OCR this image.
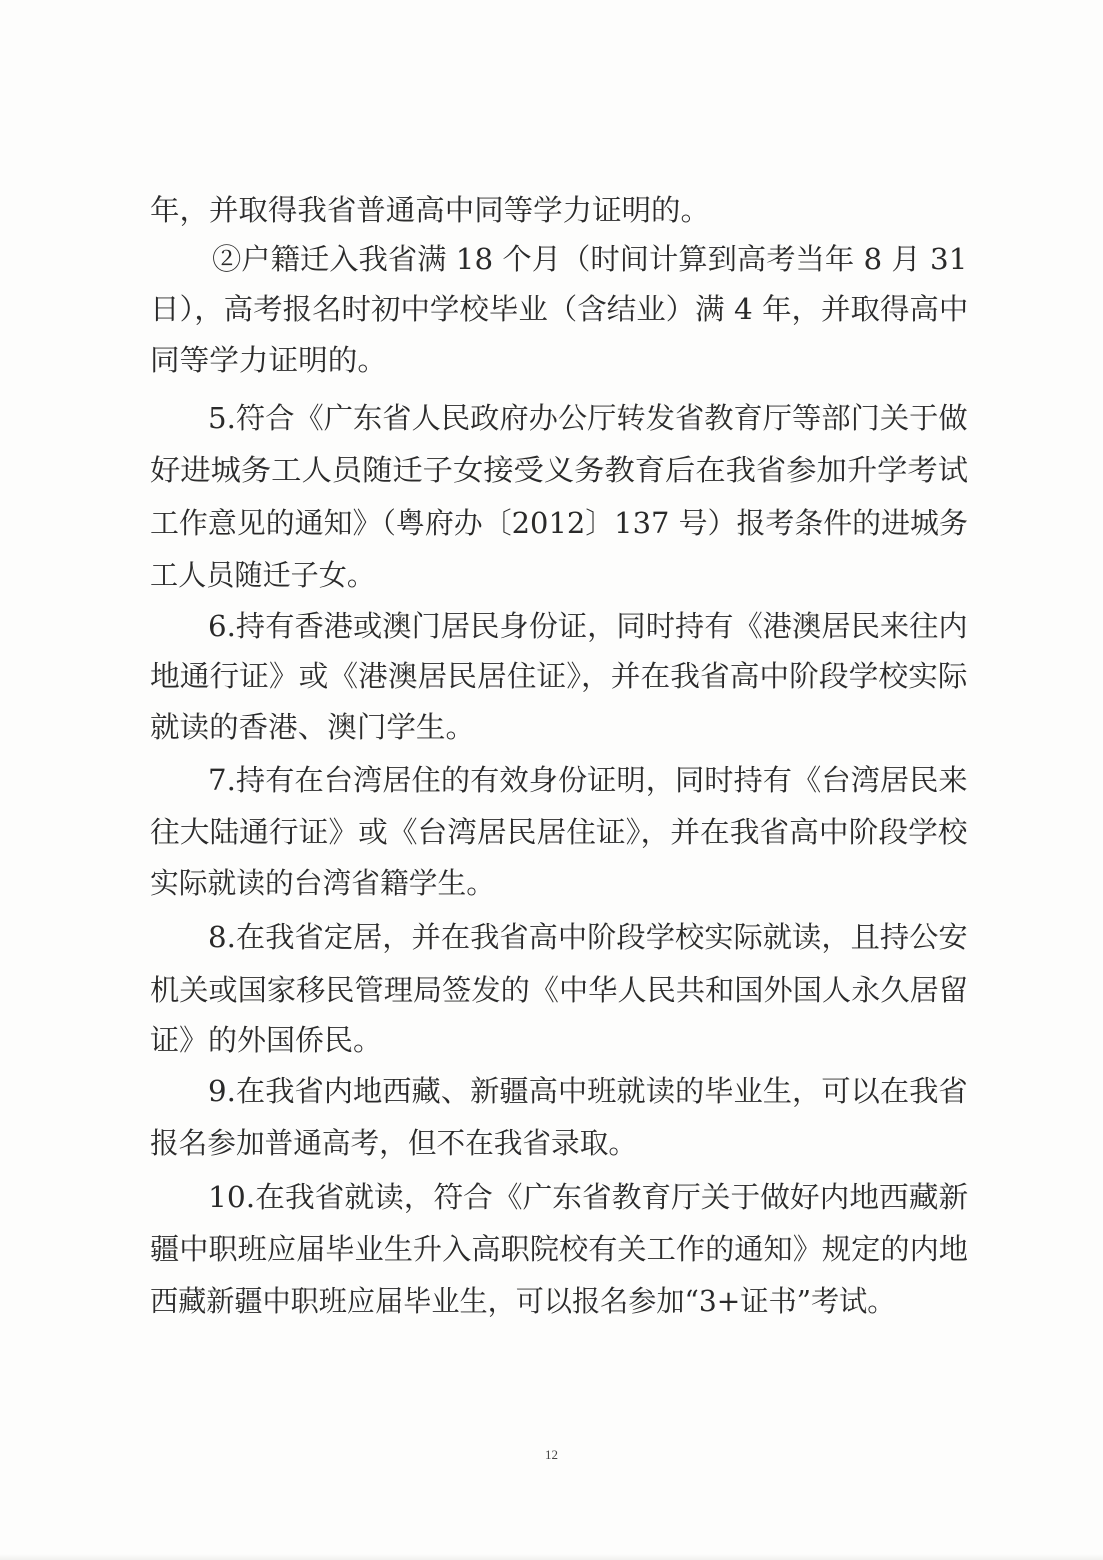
年，并取得我省普通高中同等学力证明的。
②户籍迁入我省满 18 个月（时间计算到高考当年 8 月 31
日），高考报名时初中学校毕业（含结业）满 4 年，并取得高中
同等学力证明的。
5.符合《广东省人民政府办公厅转发省教育厅等部门关于做
好进城务工人员随迁子女接受义务教育后在我省参加升学考试
工作意见的通知》（粤府办〔2012〕137 号）报考条件的进城务
工人员随迁子女。
6.持有香港或澳门居民身份证，同时持有《港澳居民来往内
地通行证》或《港澳居民居住证》，并在我省高中阶段学校实际
就读的香港、澳门学生。
7.持有在台湾居住的有效身份证明，同时持有《台湾居民来
往大陆通行证》或《台湾居民居住证》，并在我省高中阶段学校
实际就读的台湾省籍学生。
8.在我省定居，并在我省高中阶段学校实际就读，且持公安
机关或国家移民管理局签发的《中华人民共和国外国人永久居留
证》的外国侨民。
9.在我省内地西藏、新疆高中班就读的毕业生，可以在我省
报名参加普通高考，但不在我省录取。
10.在我省就读，符合《广东省教育厅关于做好内地西藏新
疆中职班应届毕业生升入高职院校有关工作的通知》规定的内地
西藏新疆中职班应届毕业生，可以报名参加“3+证书”考试。
12
